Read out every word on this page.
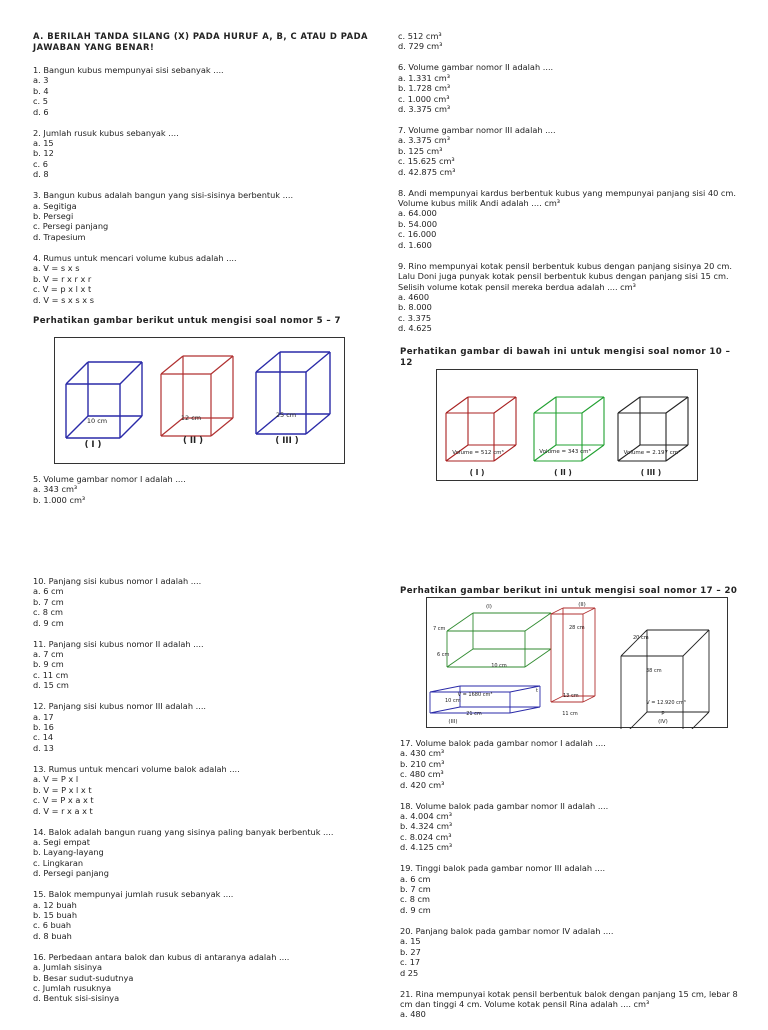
A. BERILAH TANDA SILANG (X) PADA HURUF A, B, C ATAU D PADA
JAWABAN YANG BENAR!
1. Bangun kubus mempunyai sisi sebanyak ....
a. 3
b. 4
c. 5
d. 6
2. Jumlah rusuk kubus sebanyak ....
a. 15
b. 12
c. 6
d. 8
3. Bangun kubus adalah bangun yang sisi-sisinya berbentuk ....
a. Segitiga
b. Persegi
c. Persegi panjang
d. Trapesium
4. Rumus untuk mencari volume kubus adalah ....
a. V = s x s
b. V = r x r x r
c. V = p x l x t
d. V = s x s x s
Perhatikan gambar berikut untuk mengisi soal nomor 5 – 7
10 cm	12 cm	25 cm
( I )	( II )	( III )
5. Volume gambar nomor I adalah ....
a. 343 cm³
b. 1.000 cm³
c. 512 cm³
d. 729 cm³
6. Volume gambar nomor II adalah ....
a. 1.331 cm³
b. 1.728 cm³
c. 1.000 cm³
d. 3.375 cm³
7. Volume gambar nomor III adalah ....
a. 3.375 cm³
b. 125 cm³
c. 15.625 cm³
d. 42.875 cm³
8. Andi mempunyai kardus berbentuk kubus yang mempunyai panjang sisi 40 cm.
Volume kubus milik Andi adalah .... cm³
a. 64.000
b. 54.000
c. 16.000
d. 1.600
9. Rino mempunyai kotak pensil berbentuk kubus dengan panjang sisinya 20 cm.
Lalu Doni juga punyak kotak pensil berbentuk kubus dengan panjang sisi 15 cm.
Selisih volume kotak pensil mereka berdua adalah .... cm³
a. 4600
b. 8.000
c. 3.375
d. 4.625
Perhatikan gambar di bawah ini untuk mengisi soal nomor 10 –
12
Volume = 512 cm³	Volume = 343 cm³	Volume = 2.197 cm³
( I )	( II )	( III )
10. Panjang sisi kubus nomor I adalah ....
a. 6 cm
b. 7 cm
c. 8 cm
d. 9 cm
11. Panjang sisi kubus nomor II adalah ....
a. 7 cm
b. 9 cm
c. 11 cm
d. 15 cm
12. Panjang sisi kubus nomor III adalah ....
a. 17
b. 16
c. 14
d. 13
13. Rumus untuk mencari volume balok adalah ....
a. V = P x l
b. V = P x l x t
c. V = P x a x t
d. V = r x a x t
14. Balok adalah bangun ruang yang sisinya paling banyak berbentuk ....
a. Segi empat
b. Layang-layang
c. Lingkaran
d. Persegi panjang
15. Balok mempunyai jumlah rusuk sebanyak ....
a. 12 buah
b. 15 buah
c. 6 buah
d. 8 buah
16. Perbedaan antara balok dan kubus di antaranya adalah ....
a. Jumlah sisinya
b. Besar sudut-sudutnya
c. Jumlah rusuknya
d. Bentuk sisi-sisinya
Perhatikan gambar berikut ini untuk mengisi soal nomor 17 – 20
(I)
7 cm
6 cm
10 cm
(II)
28 cm
13 cm
11 cm
10 cm
V = 1680 cm³
21 cm
t
(III)
20 cm
38 cm
V = 12.920 cm³
p
(IV)
17. Volume balok pada gambar nomor I adalah ....
a. 430 cm³
b. 210 cm³
c. 480 cm³
d. 420 cm³
18. Volume balok pada gambar nomor II adalah ....
a. 4.004 cm³
b. 4.324 cm³
c. 8.024 cm³
d. 4.125 cm³
19. Tinggi balok pada gambar nomor III adalah ....
a. 6 cm
b. 7 cm
c. 8 cm
d. 9 cm
20. Panjang balok pada gambar nomor IV adalah ....
a. 15
b. 27
c. 17
d 25
21. Rina mempunyai kotak pensil berbentuk balok dengan panjang 15 cm, lebar 8
cm dan tinggi 4 cm. Volume kotak pensil Rina adalah .... cm³
a. 480
